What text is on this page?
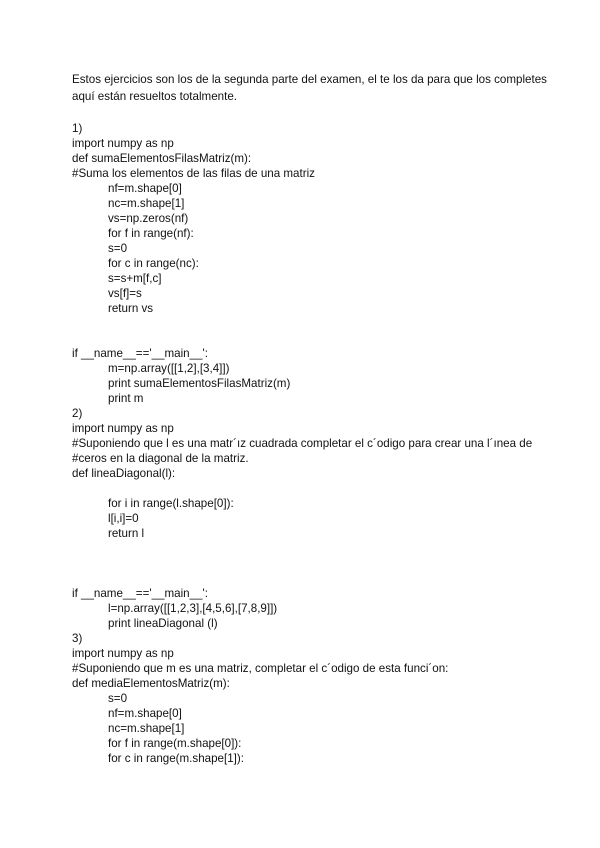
Estos ejercicios son los de la segunda parte del examen, el te los da para que los completes
aquí están resueltos totalmente.
1)
import numpy as np
def sumaElementosFilasMatriz(m):
#Suma los elementos de las filas de una matriz
nf=m.shape[0]
nc=m.shape[1]
vs=np.zeros(nf)
for f in range(nf):
s=0
for c in range(nc):
s=s+m[f,c]
vs[f]=s
return vs
if __name__=='__main__':
m=np.array([[1,2],[3,4]])
print sumaElementosFilasMatriz(m)
print m
2)
import numpy as np
#Suponiendo que l es una matr´ız cuadrada completar el c´odigo para crear una l´ınea de
#ceros en la diagonal de la matriz.
def lineaDiagonal(l):
for i in range(l.shape[0]):
l[i,i]=0
return l
if __name__=='__main__':
l=np.array([[1,2,3],[4,5,6],[7,8,9]])
print lineaDiagonal (l)
3)
import numpy as np
#Suponiendo que m es una matriz, completar el c´odigo de esta funci´on:
def mediaElementosMatriz(m):
s=0
nf=m.shape[0]
nc=m.shape[1]
for f in range(m.shape[0]):
for c in range(m.shape[1]):
